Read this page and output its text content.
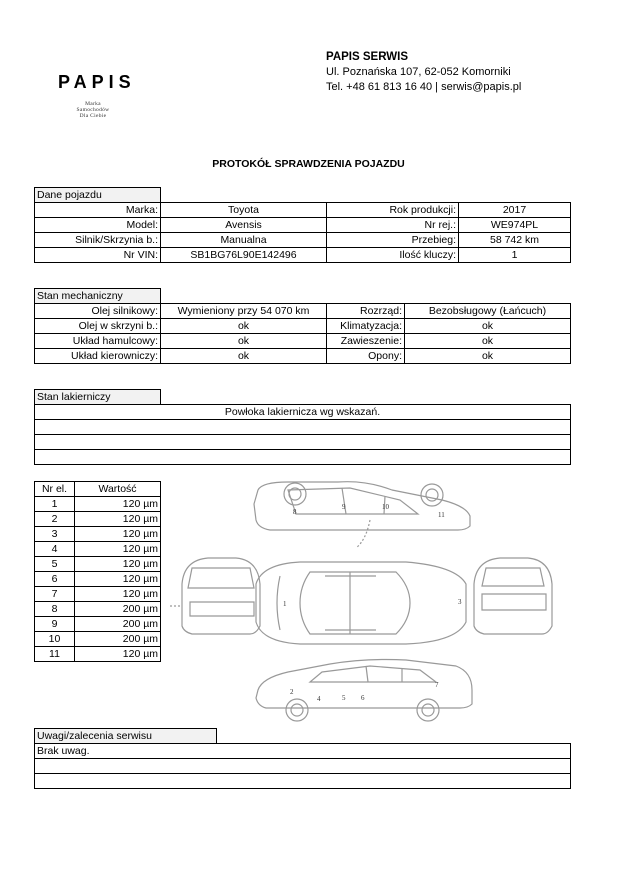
PAPIS
Marka
Samochodów
Dla Ciebie
PAPIS SERWIS
Ul. Poznańska 107, 62-052 Komorniki
Tel. +48 61 813 16 40 | serwis@papis.pl
PROTOKÓŁ SPRAWDZENIA POJAZDU
Dane pojazdu			
Marka:	Toyota	Rok produkcji:	2017
Model:	Avensis	Nr rej.:	WE974PL
Silnik/Skrzynia b.:	Manualna	Przebieg:	58 742 km
Nr VIN:	SB1BG76L90E142496	Ilość kluczy:	1
Stan mechaniczny			
Olej silnikowy:	Wymieniony przy 54 070 km	Rozrząd:	Bezobsługowy (Łańcuch)
Olej w skrzyni b.:	ok	Klimatyzacja:	ok
Układ hamulcowy:	ok	Zawieszenie:	ok
Układ kierowniczy:	ok	Opony:	ok
Stan lakierniczy	
Powłoka lakiernicza wg wskazań.

Nr el.	Wartość
1	120 µm
2	120 µm
3	120 µm
4	120 µm
5	120 µm
6	120 µm
7	120 µm
8	200 µm
9	200 µm
10	200 µm
11	120 µm
1
2
3
4	5 6
7
8
9	10
11
Uwagi/zalecenia serwisu	
Brak uwag.
